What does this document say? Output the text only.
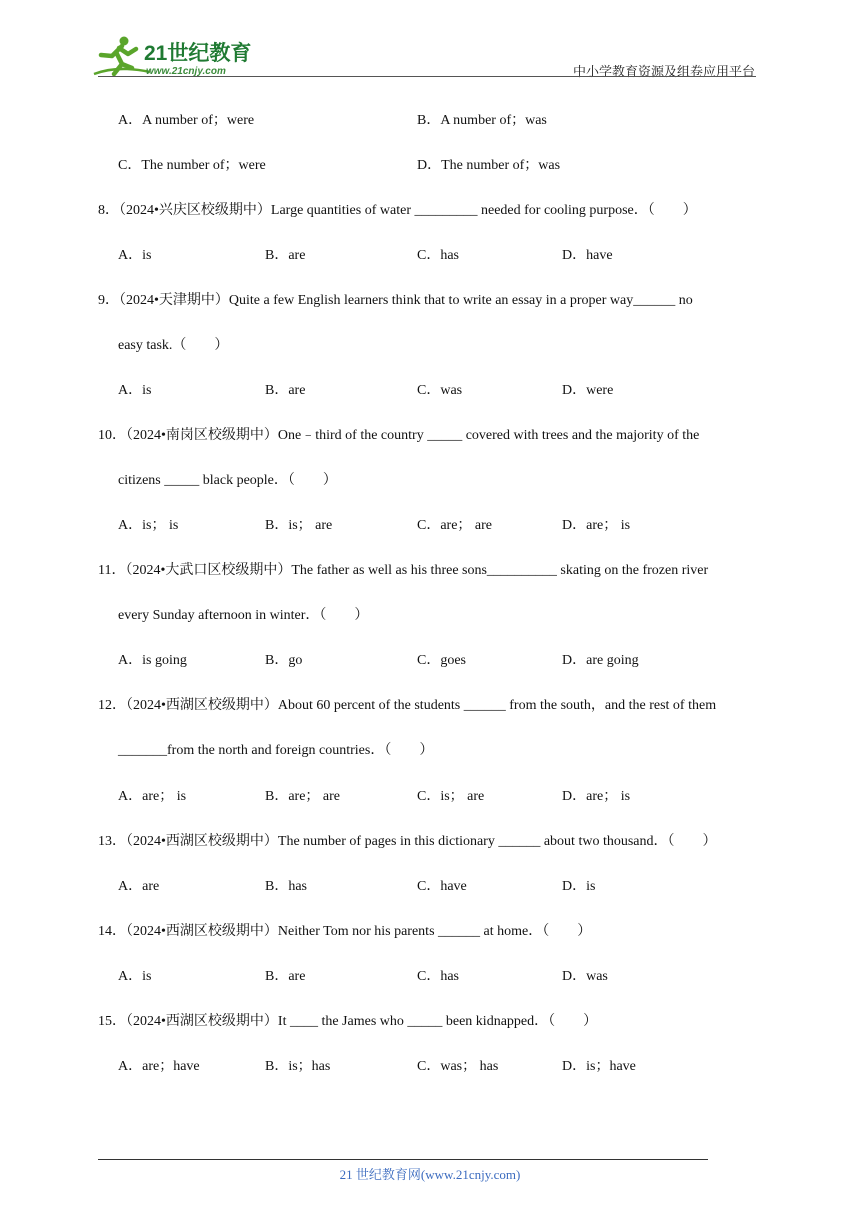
21世纪教育
www.21cnjy.com	中小学教育资源及组卷应用平台
A．A number of；were	B．A number of；was
C．The number of；were	D．The number of；was
8．（2024•兴庆区校级期中）Large quantities of water _________ needed for cooling purpose．（　　）
A．is	B．are	C．has	D．have
9．（2024•天津期中）Quite a few English learners think that to write an essay in a proper way______ no
easy task.（　　）
A．is	B．are	C．was	D．were
10．（2024•南岗区校级期中）One﹣third of the country _____ covered with trees and the majority of the
citizens _____ black people．（　　）
A．is； is	B．is； are	C．are； are	D．are； is
11．（2024•大武口区校级期中）The father as well as his three sons__________ skating on the frozen river
every Sunday afternoon in winter．（　　）
A．is going	B．go	C．goes	D．are going
12．（2024•西湖区校级期中）About 60 percent of the students ______ from the south，and the rest of them
_______from the north and foreign countries．（　　）
A．are； is	B．are； are	C．is； are	D．are； is
13．（2024•西湖区校级期中）The number of pages in this dictionary ______ about two thousand．（　　）
A．are	B．has	C．have	D．is
14．（2024•西湖区校级期中）Neither Tom nor his parents ______ at home．（　　）
A．is	B．are	C．has	D．was
15．（2024•西湖区校级期中）It ____ the James who _____ been kidnapped．（　　）
A．are；have	B．is；has	C．was； has	D．is；have
21 世纪教育网(www.21cnjy.com)
